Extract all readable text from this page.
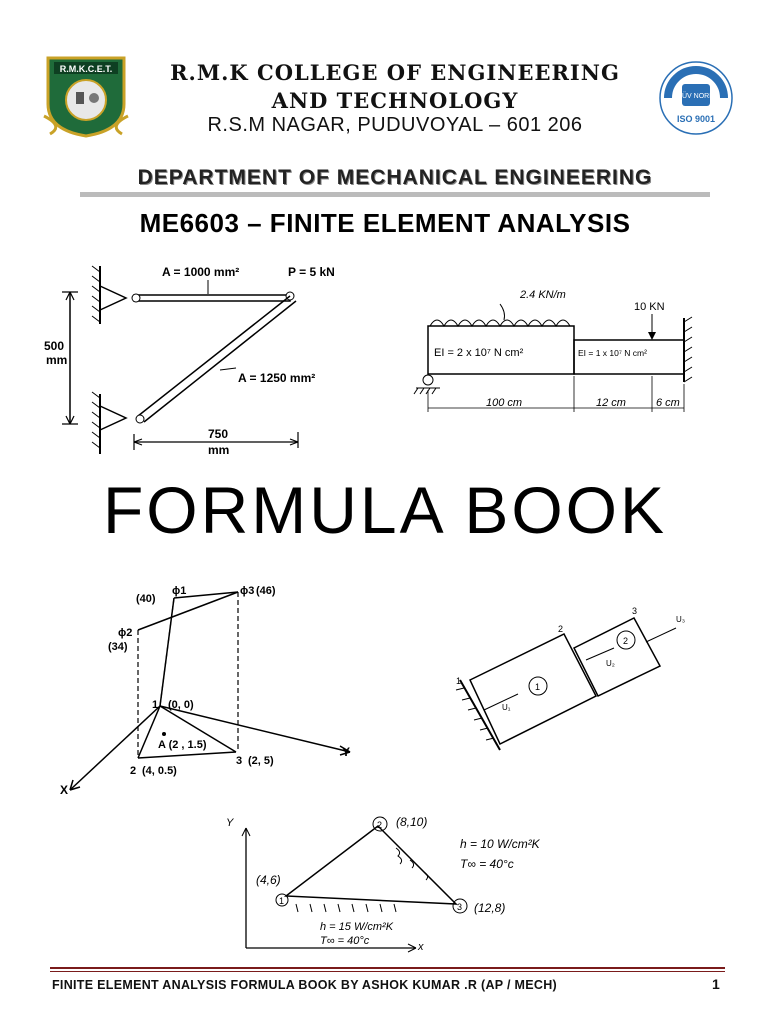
R.M.K.C.E.T.	R.M.K COLLEGE OF ENGINEERING
AND TECHNOLOGY
R.S.M NAGAR, PUDUVOYAL – 601 206
TÜV NORD
ISO 9001
DEPARTMENT OF MECHANICAL ENGINEERING
ME6603 – FINITE ELEMENT ANALYSIS
A = 1000 mm²	P = 5 kN
500
mm
A = 1250 mm²
750
mm
2.4 KN/m
10 KN
EI = 2 x 10⁷ N cm²	EI = 1 x 10⁷ N cm²
100 cm	12 cm	6 cm
FORMULA BOOK
(40)
ϕ1	ϕ3 (46)
ϕ2
(34)
1 (0, 0)
A (2 , 1.5)
2 (4, 0.5)
3 (2, 5)
X
Y
1
2
3
1
2
U₁
U₂
U₃
Y
x
1
2
3
(4,6)
(8,10)
(12,8)
h = 10 W/cm²K
T∞ = 40°c
h = 15 W/cm²K
T∞ = 40°c
FINITE ELEMENT ANALYSIS FORMULA BOOK BY ASHOK KUMAR .R (AP / MECH)	1
